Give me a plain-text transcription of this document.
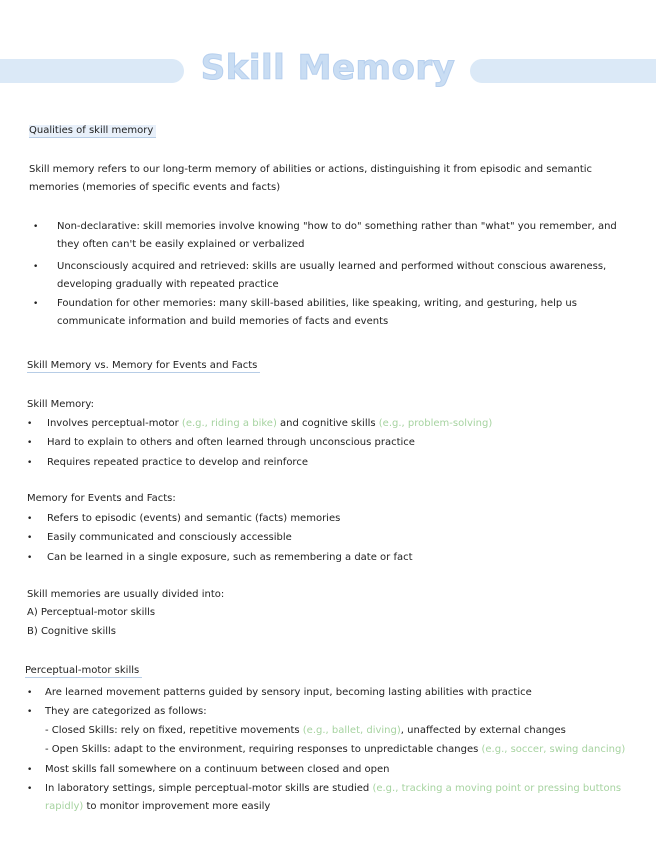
Skill Memory
Qualities of skill memory
Skill memory refers to our long-term memory of abilities or actions, distinguishing it from episodic and semantic memories (memories of specific events and facts)
• Non-declarative: skill memories involve knowing "how to do" something rather than "what" you remember, and they often can't be easily explained or verbalized
• Unconsciously acquired and retrieved: skills are usually learned and performed without conscious awareness, developing gradually with repeated practice
• Foundation for other memories: many skill-based abilities, like speaking, writing, and gesturing, help us communicate information and build memories of facts and events
Skill Memory vs. Memory for Events and Facts
Skill Memory:
• Involves perceptual-motor (e.g., riding a bike) and cognitive skills (e.g., problem-solving)
• Hard to explain to others and often learned through unconscious practice
• Requires repeated practice to develop and reinforce
Memory for Events and Facts:
• Refers to episodic (events) and semantic (facts) memories
• Easily communicated and consciously accessible
• Can be learned in a single exposure, such as remembering a date or fact
Skill memories are usually divided into:
A) Perceptual-motor skills
B) Cognitive skills
Perceptual-motor skills
• Are learned movement patterns guided by sensory input, becoming lasting abilities with practice
• They are categorized as follows:
- Closed Skills: rely on fixed, repetitive movements (e.g., ballet, diving), unaffected by external changes
- Open Skills: adapt to the environment, requiring responses to unpredictable changes (e.g., soccer, swing dancing)
• Most skills fall somewhere on a continuum between closed and open
• In laboratory settings, simple perceptual-motor skills are studied (e.g., tracking a moving point or pressing buttons rapidly) to monitor improvement more easily
